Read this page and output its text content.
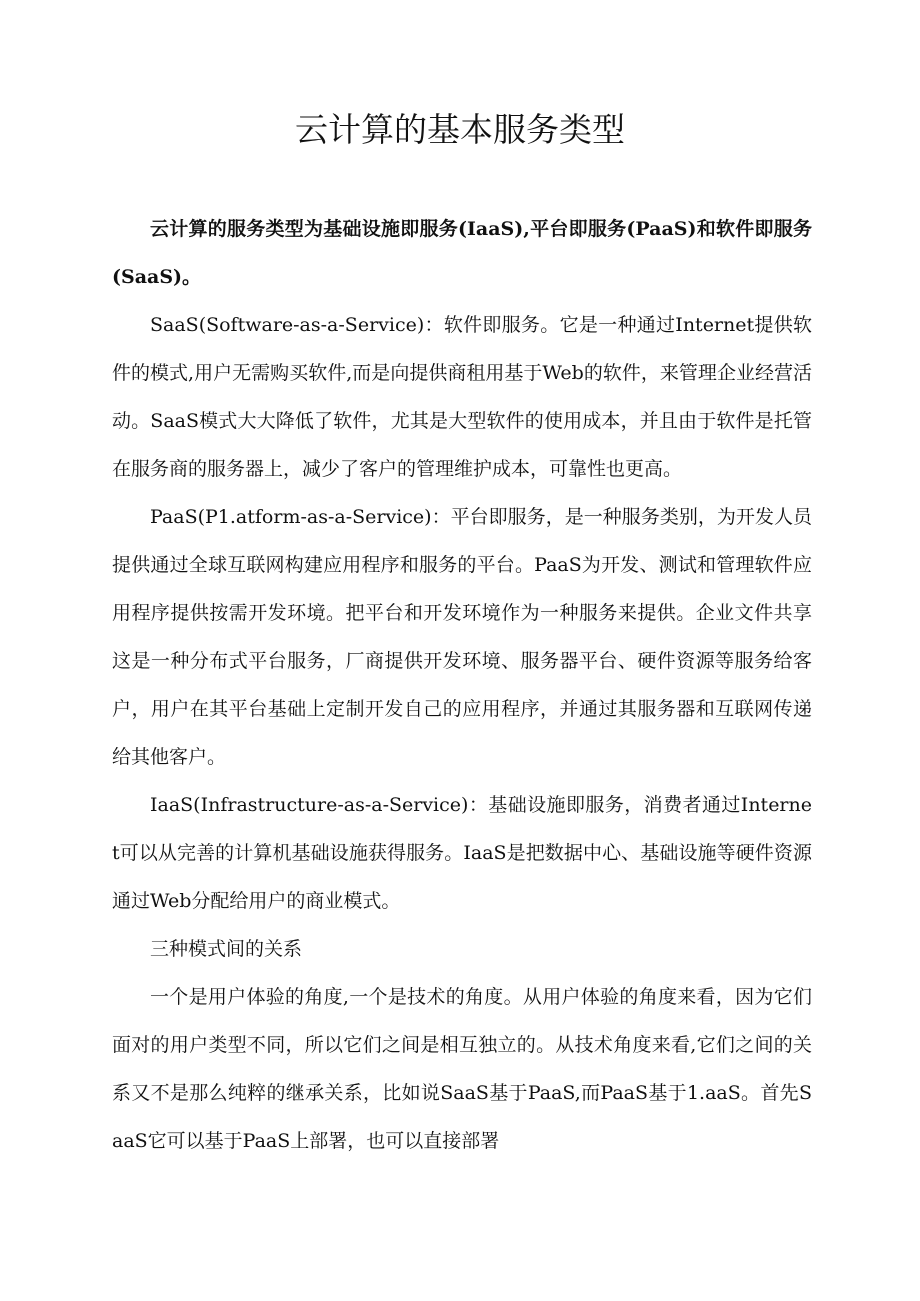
云计算的基本服务类型

云计算的服务类型为基础设施即服务(IaaS),平台即服务(PaaS)和软件即服务(SaaS)。

SaaS(Software-as-a-Service)：软件即服务。它是一种通过Internet提供软件的模式,用户无需购买软件,而是向提供商租用基于Web的软件，来管理企业经营活动。SaaS模式大大降低了软件，尤其是大型软件的使用成本，并且由于软件是托管在服务商的服务器上，减少了客户的管理维护成本，可靠性也更高。

PaaS(P1.atform-as-a-Service)：平台即服务，是一种服务类别，为开发人员提供通过全球互联网构建应用程序和服务的平台。PaaS为开发、测试和管理软件应用程序提供按需开发环境。把平台和开发环境作为一种服务来提供。企业文件共享这是一种分布式平台服务，厂商提供开发环境、服务器平台、硬件资源等服务给客户，用户在其平台基础上定制开发自己的应用程序，并通过其服务器和互联网传递给其他客户。

IaaS(Infrastructure-as-a-Service)：基础设施即服务，消费者通过Internet可以从完善的计算机基础设施获得服务。IaaS是把数据中心、基础设施等硬件资源通过Web分配给用户的商业模式。

三种模式间的关系

一个是用户体验的角度,一个是技术的角度。从用户体验的角度来看，因为它们面对的用户类型不同，所以它们之间是相互独立的。从技术角度来看,它们之间的关系又不是那么纯粹的继承关系，比如说SaaS基于PaaS,而PaaS基于1.aaS。首先SaaS它可以基于PaaS上部署，也可以直接部署
